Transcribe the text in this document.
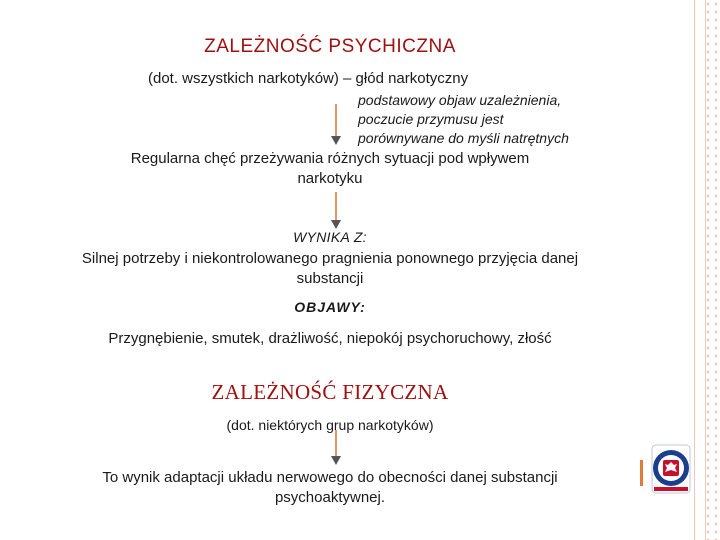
ZALEŻNOŚĆ PSYCHICZNA
(dot. wszystkich narkotyków) – głód narkotyczny
podstawowy objaw uzależnienia,
poczucie przymusu jest
porównywane do myśli natrętnych
Regularna chęć przeżywania różnych sytuacji pod wpływem
narkotyku
WYNIKA Z:
Silnej potrzeby i niekontrolowanego pragnienia ponownego przyjęcia danej
substancji
OBJAWY:
Przygnębienie, smutek, drażliwość, niepokój psychoruchowy, złość
ZALEŻNOŚĆ FIZYCZNA
(dot. niektórych grup narkotyków)
To wynik adaptacji układu nerwowego do obecności danej substancji
psychoaktywnej.
